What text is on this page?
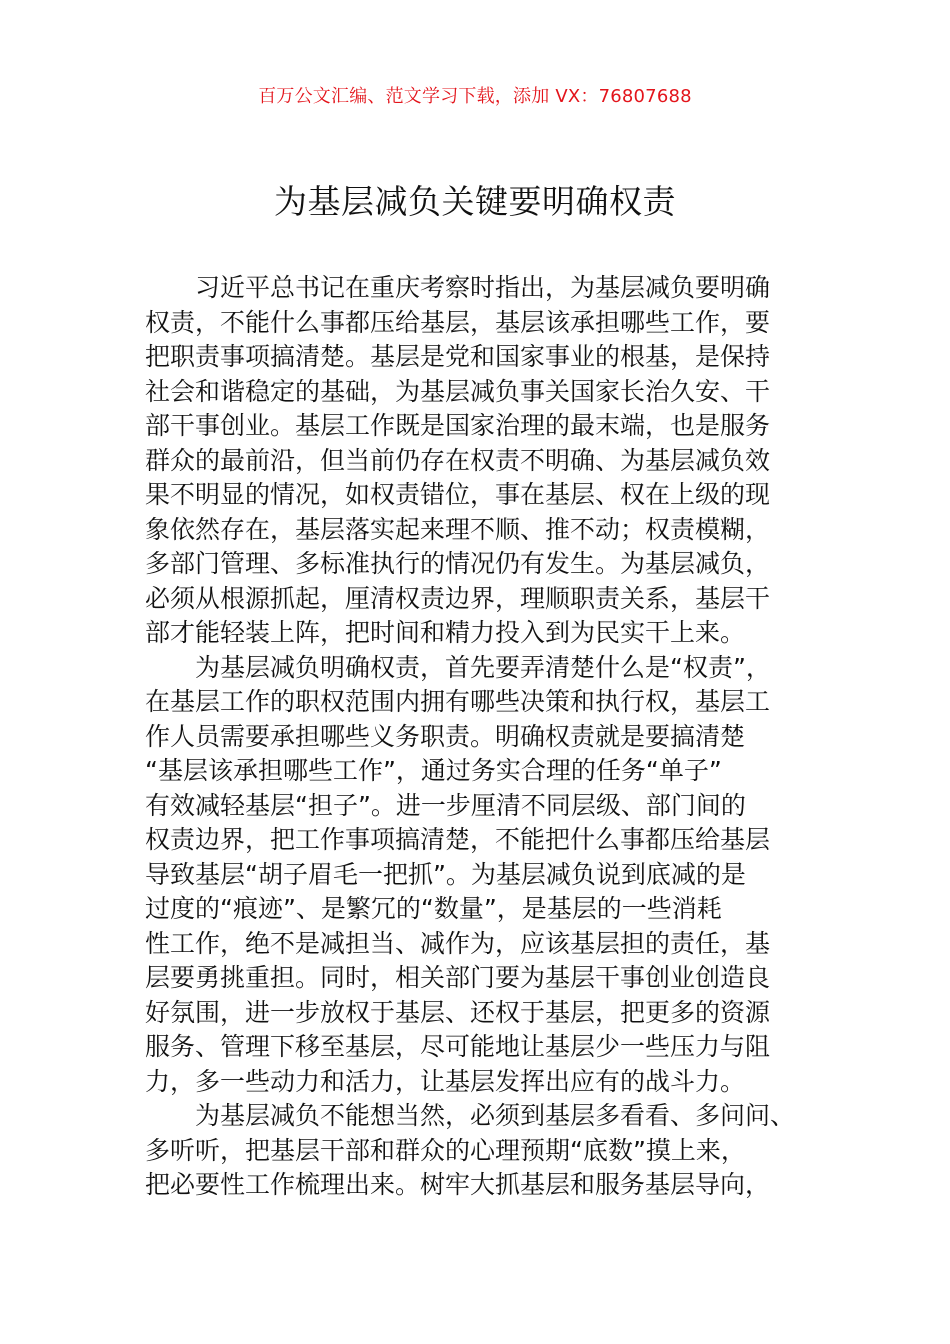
百万公文汇编、范文学习下载，添加 VX：76807688
为基层减负关键要明确权责
习近平总书记在重庆考察时指出，为基层减负要明确
权责，不能什么事都压给基层，基层该承担哪些工作，要
把职责事项搞清楚。基层是党和国家事业的根基，是保持
社会和谐稳定的基础，为基层减负事关国家长治久安、干
部干事创业。基层工作既是国家治理的最末端，也是服务
群众的最前沿，但当前仍存在权责不明确、为基层减负效
果不明显的情况，如权责错位，事在基层、权在上级的现
象依然存在，基层落实起来理不顺、推不动；权责模糊，
多部门管理、多标准执行的情况仍有发生。为基层减负，
必须从根源抓起，厘清权责边界，理顺职责关系，基层干
部才能轻装上阵，把时间和精力投入到为民实干上来。
为基层减负明确权责，首先要弄清楚什么是“权责”，
在基层工作的职权范围内拥有哪些决策和执行权，基层工
作人员需要承担哪些义务职责。明确权责就是要搞清楚
“基层该承担哪些工作”，通过务实合理的任务“单子”
有效减轻基层“担子”。进一步厘清不同层级、部门间的
权责边界，把工作事项搞清楚，不能把什么事都压给基层
导致基层“胡子眉毛一把抓”。为基层减负说到底减的是
过度的“痕迹”、是繁冗的“数量”，是基层的一些消耗
性工作，绝不是减担当、减作为，应该基层担的责任，基
层要勇挑重担。同时，相关部门要为基层干事创业创造良
好氛围，进一步放权于基层、还权于基层，把更多的资源
服务、管理下移至基层，尽可能地让基层少一些压力与阻
力，多一些动力和活力，让基层发挥出应有的战斗力。
为基层减负不能想当然，必须到基层多看看、多问问、
多听听，把基层干部和群众的心理预期“底数”摸上来，
把必要性工作梳理出来。树牢大抓基层和服务基层导向，
